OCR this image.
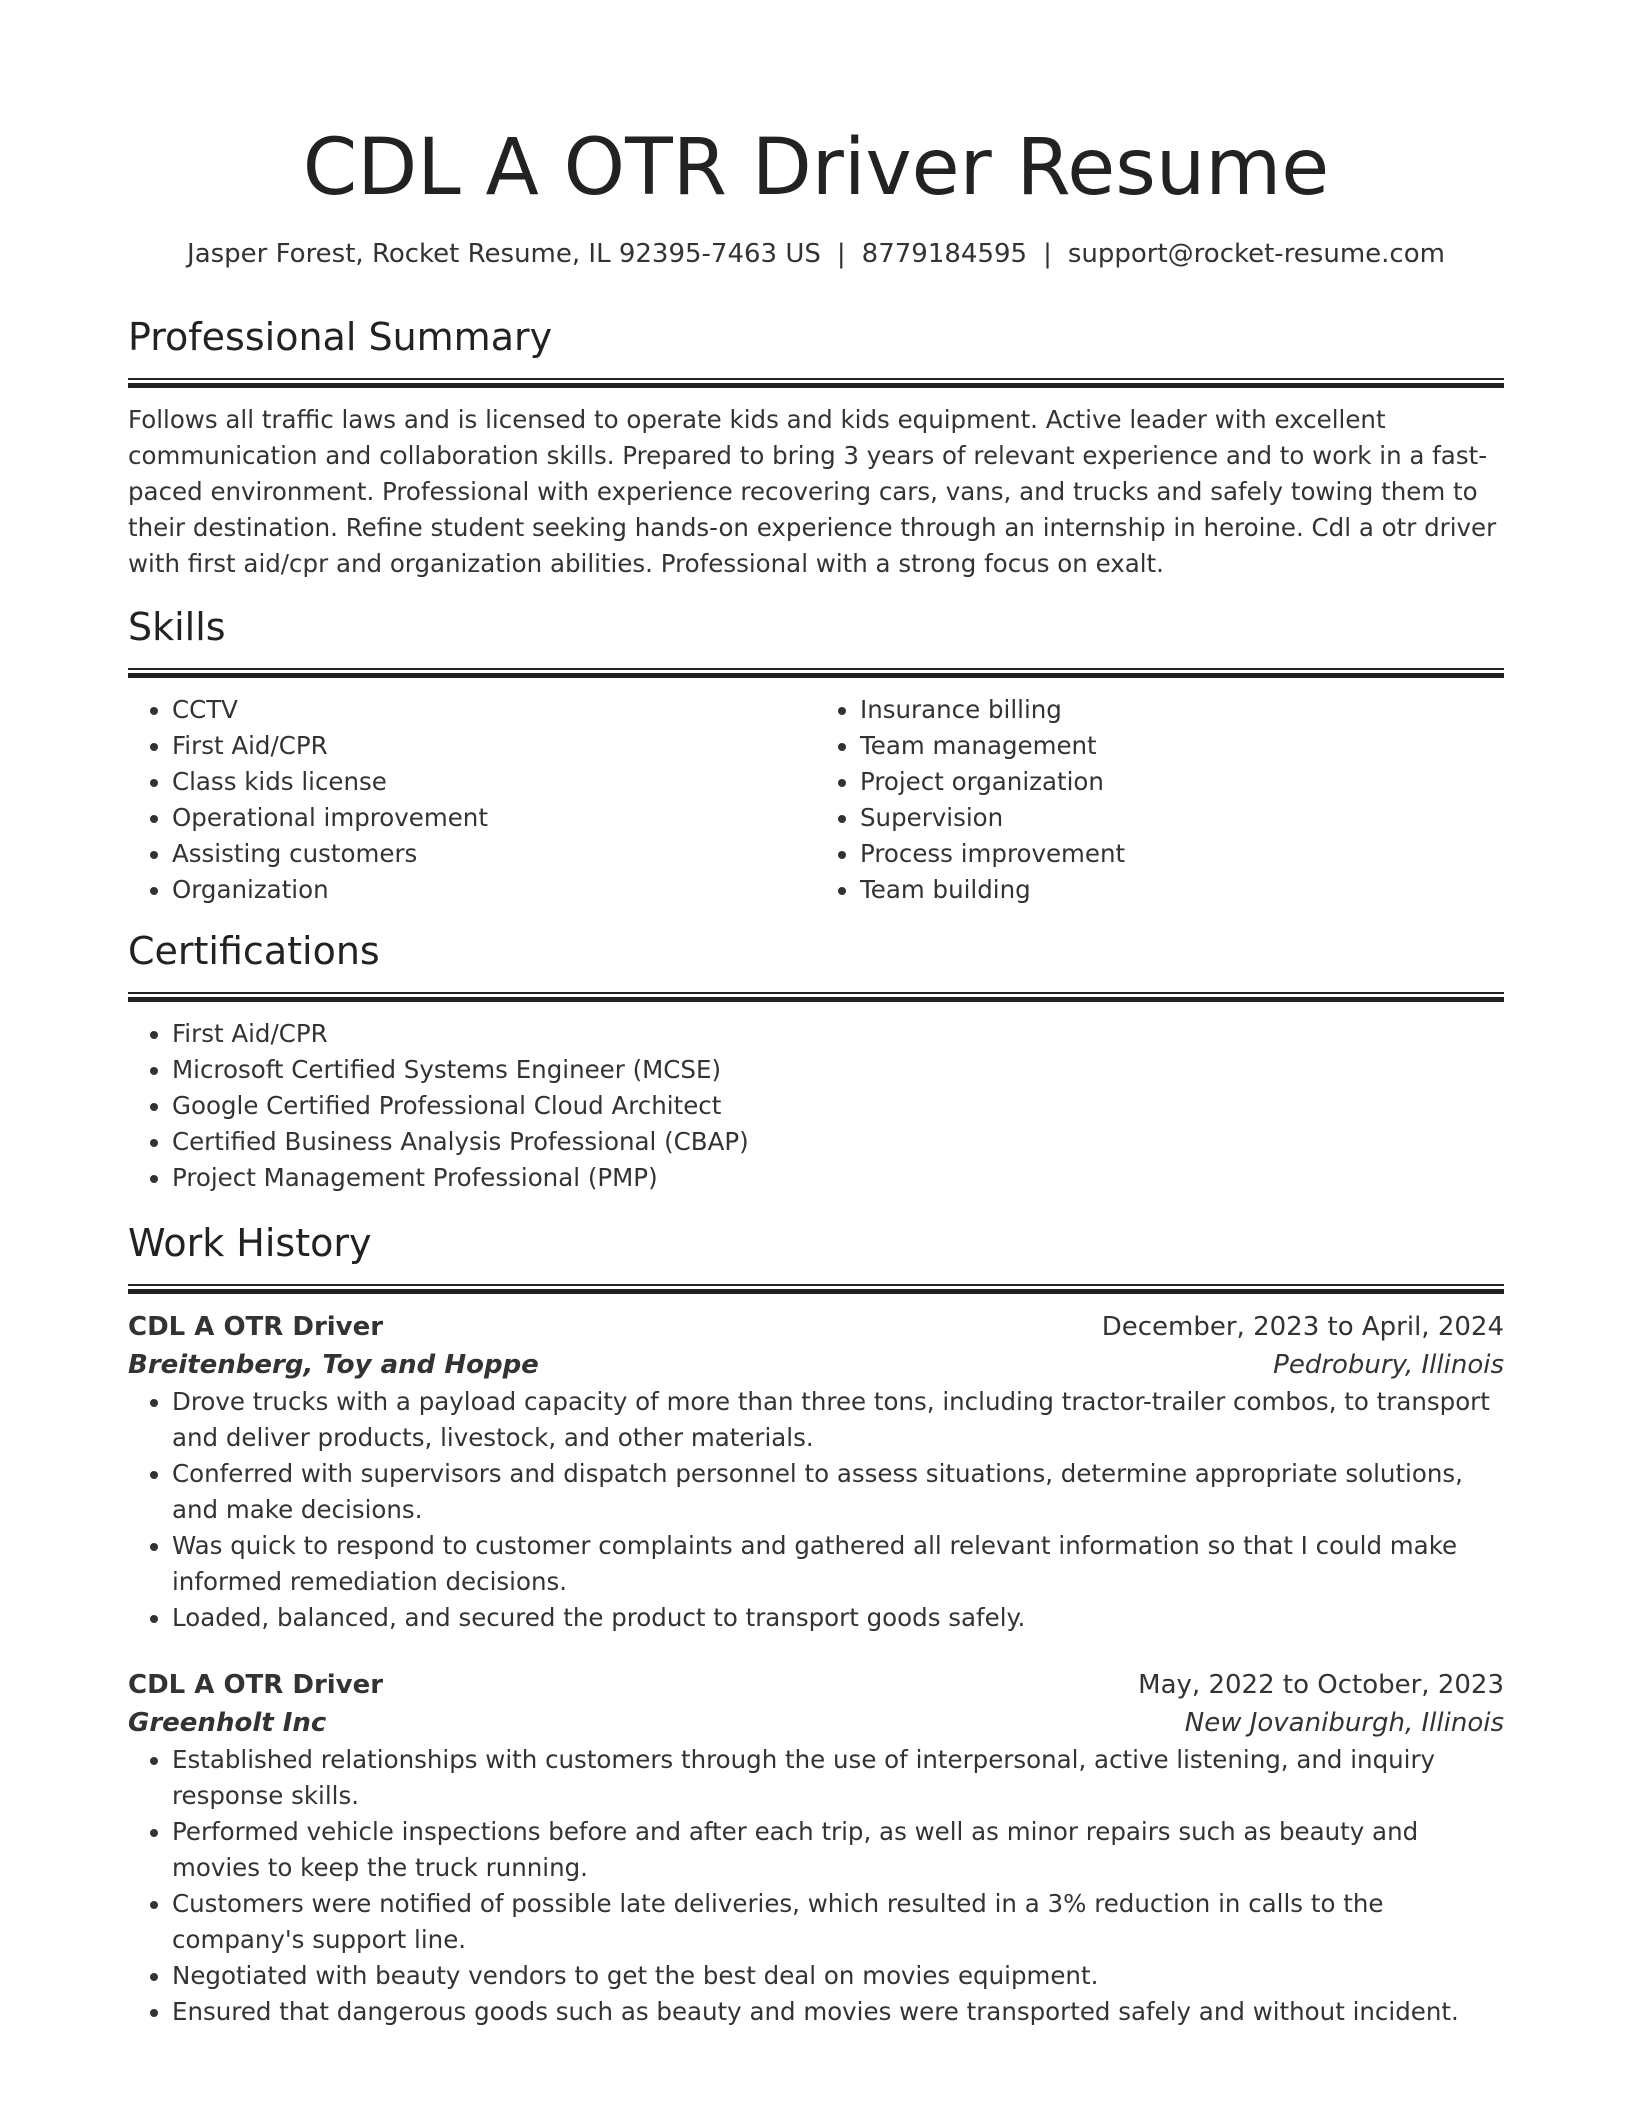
CDL A OTR Driver Resume
Jasper Forest, Rocket Resume, IL 92395-7463 US | 8779184595 | support@rocket-resume.com
Professional Summary

Follows all traffic laws and is licensed to operate kids and kids equipment. Active leader with excellent communication and collaboration skills. Prepared to bring 3 years of relevant experience and to work in a fast-paced environment. Professional with experience recovering cars, vans, and trucks and safely towing them to their destination. Refine student seeking hands-on experience through an internship in heroine. Cdl a otr driver with first aid/cpr and organization abilities. Professional with a strong focus on exalt.

Skills
• CCTV
• First Aid/CPR
• Class kids license
• Operational improvement
• Assisting customers
• Organization
• Insurance billing
• Team management
• Project organization
• Supervision
• Process improvement
• Team building
Certifications
• First Aid/CPR
• Microsoft Certified Systems Engineer (MCSE)
• Google Certified Professional Cloud Architect
• Certified Business Analysis Professional (CBAP)
• Project Management Professional (PMP)
Work History
CDL A OTR Driver	December, 2023 to April, 2024
Breitenberg, Toy and Hoppe	Pedrobury, Illinois
• Drove trucks with a payload capacity of more than three tons, including tractor-trailer combos, to transport and deliver products, livestock, and other materials.
• Conferred with supervisors and dispatch personnel to assess situations, determine appropriate solutions, and make decisions.
• Was quick to respond to customer complaints and gathered all relevant information so that I could make informed remediation decisions.
• Loaded, balanced, and secured the product to transport goods safely.
CDL A OTR Driver	May, 2022 to October, 2023
Greenholt Inc	New Jovaniburgh, Illinois
• Established relationships with customers through the use of interpersonal, active listening, and inquiry response skills.
• Performed vehicle inspections before and after each trip, as well as minor repairs such as beauty and movies to keep the truck running.
• Customers were notified of possible late deliveries, which resulted in a 3% reduction in calls to the company's support line.
• Negotiated with beauty vendors to get the best deal on movies equipment.
• Ensured that dangerous goods such as beauty and movies were transported safely and without incident.
